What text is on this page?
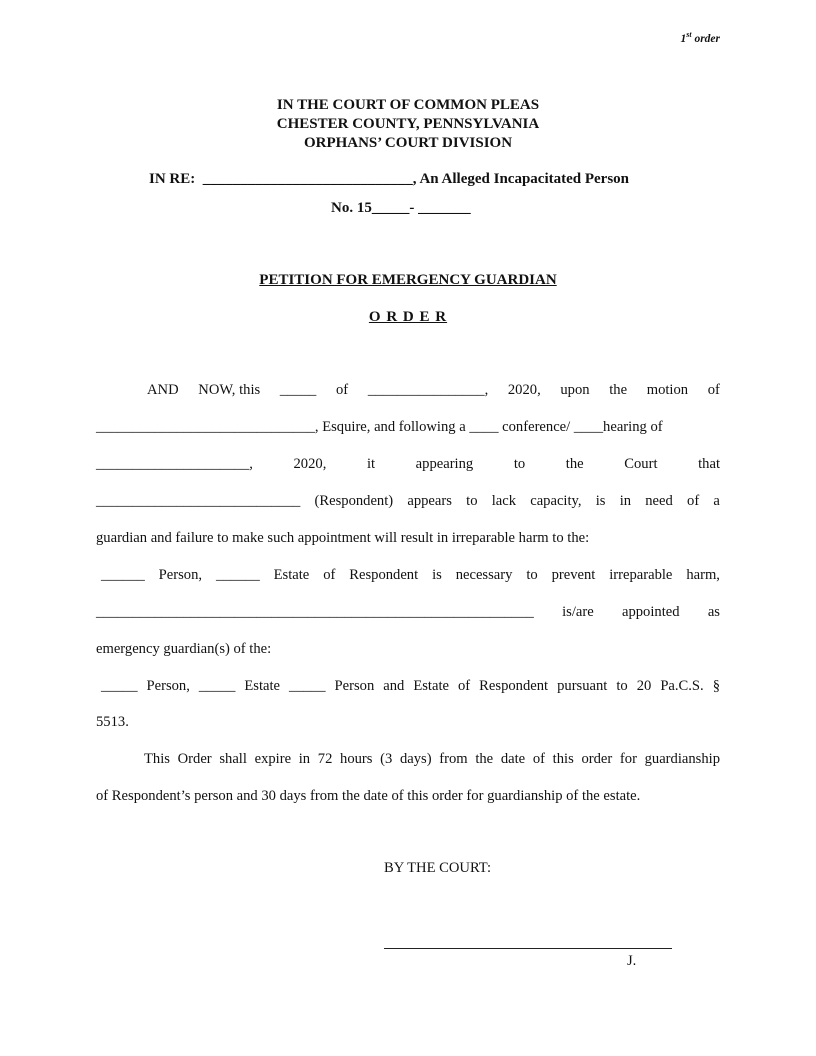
1st order
IN THE COURT OF COMMON PLEAS
CHESTER COUNTY, PENNSYLVANIA
ORPHANS’ COURT DIVISION
IN RE: ____________________________, An Alleged Incapacitated Person
No. 15_____- _______
PETITION FOR EMERGENCY GUARDIAN
O R D E R
AND NOW, this _____ of ________________, 2020, upon the motion of
______________________________, Esquire, and following a ____ conference/ ____hearing of
_____________________,	2020,	it	appearing	to	the	Court	that
____________________________ (Respondent) appears to lack capacity, is in need of a
guardian and failure to make such appointment will result in irreparable harm to the:
______ Person, ______ Estate of Respondent is necessary to prevent irreparable harm,
____________________________________________________________ is/are appointed as
emergency guardian(s) of the:
_____ Person, _____ Estate _____ Person and Estate of Respondent pursuant to 20 Pa.C.S. §
5513.
This Order shall expire in 72 hours (3 days) from the date of this order for guardianship
of Respondent’s person and 30 days from the date of this order for guardianship of the estate.
BY THE COURT:
J.
